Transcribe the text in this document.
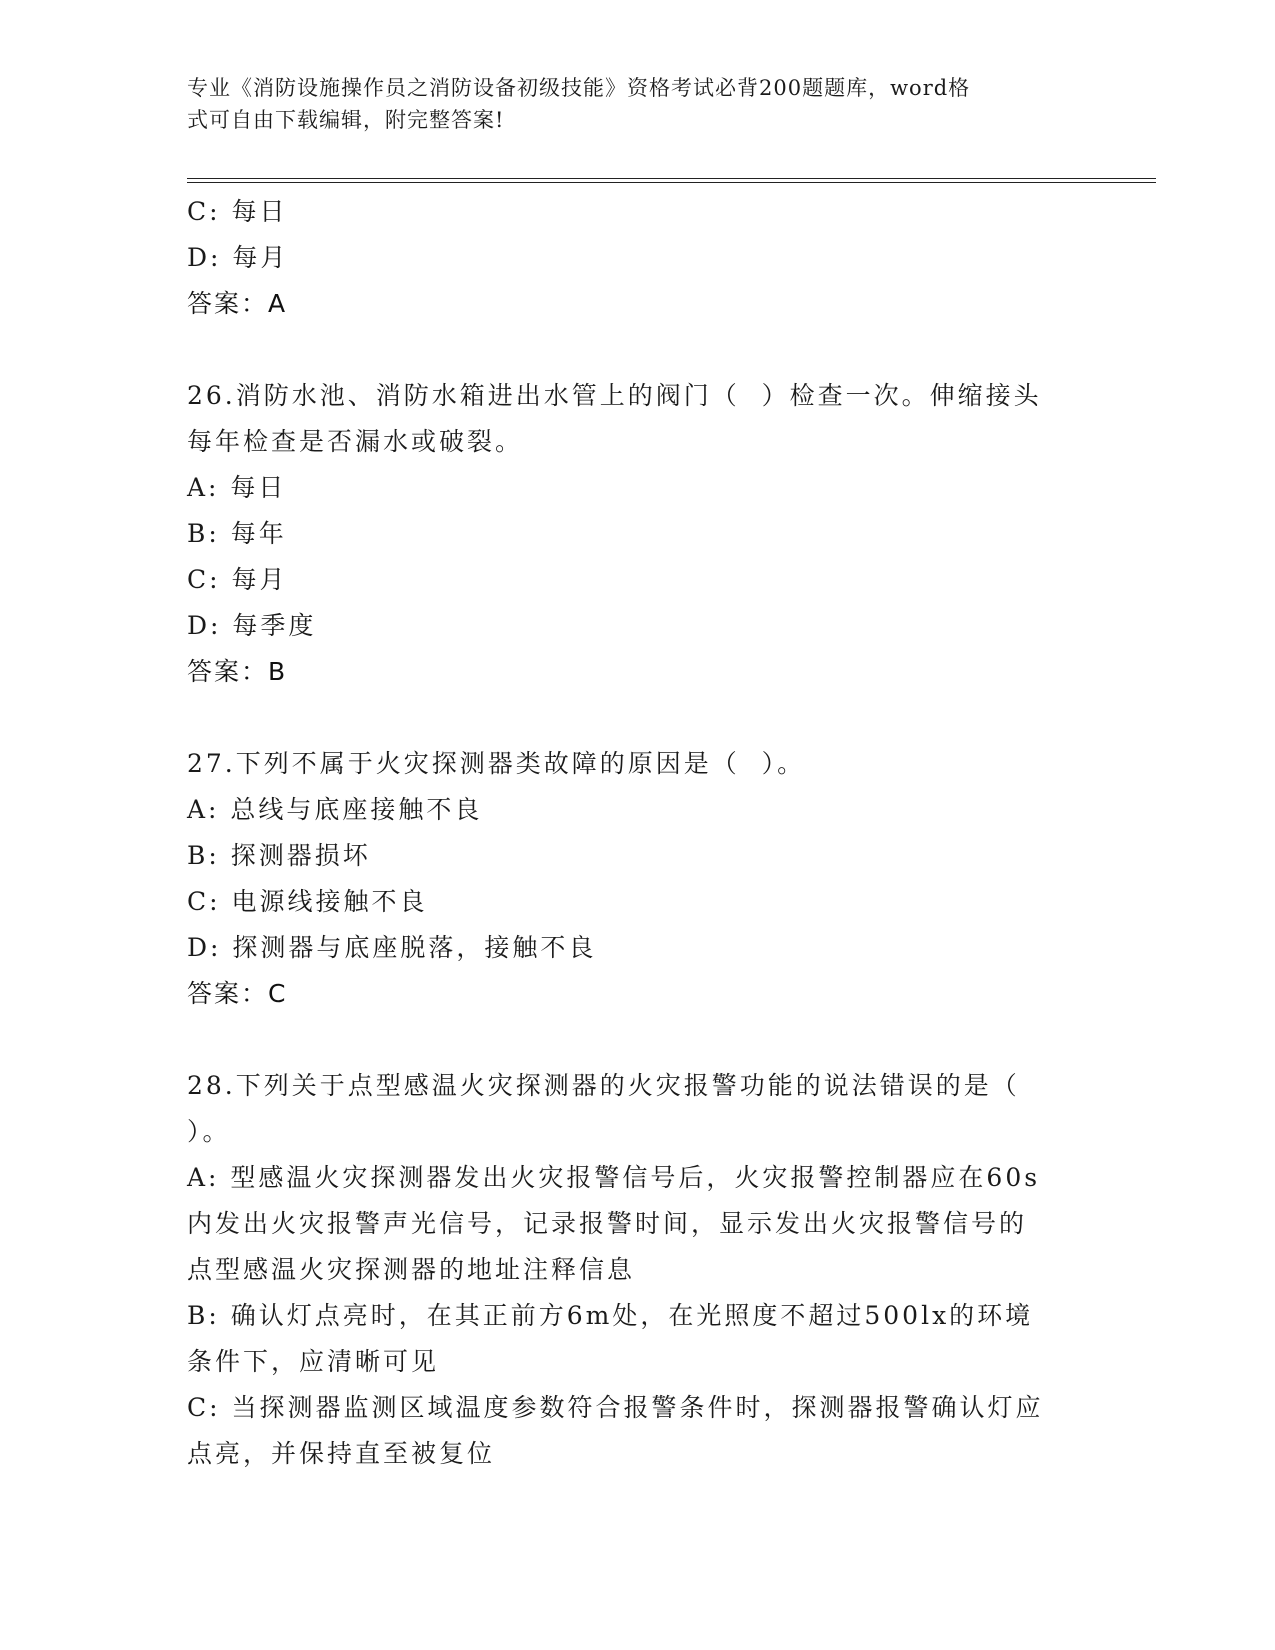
专业《消防设施操作员之消防设备初级技能》资格考试必背200题题库，word格
式可自由下载编辑，附完整答案!
C: 每日
D: 每月
答案：A
26.消防水池、消防水箱进出水管上的阀门（  ）检查一次。伸缩接头
每年检查是否漏水或破裂。
A: 每日
B: 每年
C: 每月
D: 每季度
答案：B
27.下列不属于火灾探测器类故障的原因是（  ）。
A: 总线与底座接触不良
B: 探测器损坏
C: 电源线接触不良
D: 探测器与底座脱落，接触不良
答案：C
28.下列关于点型感温火灾探测器的火灾报警功能的说法错误的是（
）。
A: 型感温火灾探测器发出火灾报警信号后，火灾报警控制器应在60s
内发出火灾报警声光信号，记录报警时间，显示发出火灾报警信号的
点型感温火灾探测器的地址注释信息
B: 确认灯点亮时，在其正前方6m处，在光照度不超过500lx的环境
条件下，应清晰可见
C: 当探测器监测区域温度参数符合报警条件时，探测器报警确认灯应
点亮，并保持直至被复位
